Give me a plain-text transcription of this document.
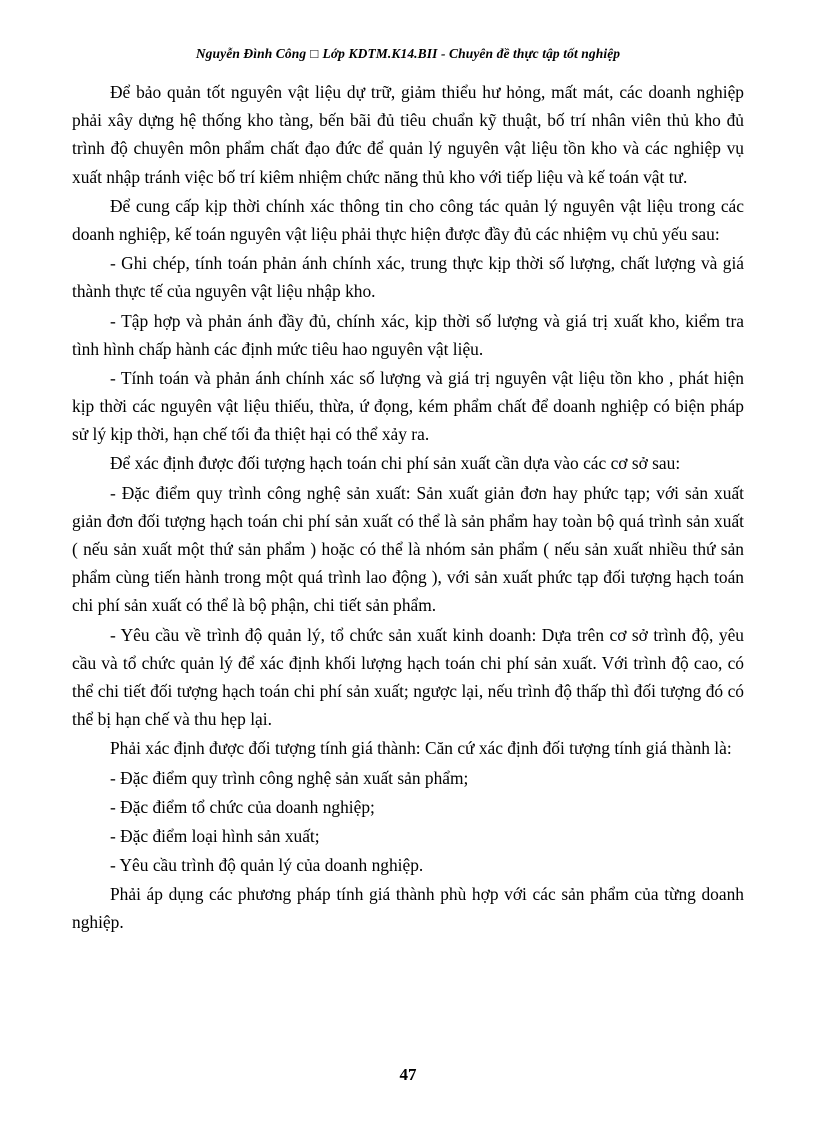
Nguyễn Đình Công □ Lớp KDTM.K14.BII - Chuyên đề thực tập tốt nghiệp

Để bảo quản tốt nguyên vật liệu dự trữ, giảm thiểu hư hỏng, mất mát, các doanh nghiệp phải xây dựng hệ thống kho tàng, bến bãi đủ tiêu chuẩn kỹ thuật, bố trí nhân viên thủ kho đủ trình độ chuyên môn phẩm chất đạo đức để quản lý nguyên vật liệu tồn kho và các nghiệp vụ xuất nhập tránh việc bố trí kiêm nhiệm chức năng thủ kho với tiếp liệu và kế toán vật tư.

Để cung cấp kịp thời chính xác thông tin cho công tác quản lý nguyên vật liệu trong các doanh nghiệp, kế toán nguyên vật liệu phải thực hiện được đầy đủ các nhiệm vụ chủ yếu sau:

- Ghi chép, tính toán phản ánh chính xác, trung thực kịp thời số lượng, chất lượng và giá thành thực tế của nguyên vật liệu nhập kho.

- Tập hợp và phản ánh đầy đủ, chính xác, kịp thời số lượng và giá trị xuất kho, kiểm tra tình hình chấp hành các định mức tiêu hao nguyên vật liệu.

- Tính toán và phản ánh chính xác số lượng và giá trị nguyên vật liệu tồn kho , phát hiện kịp thời các nguyên vật liệu thiếu, thừa, ứ đọng, kém phẩm chất để doanh nghiệp có biện pháp sử lý kịp thời, hạn chế tối đa thiệt hại có thể xảy ra.

Để xác định được đối tượng hạch toán chi phí sản xuất cần dựa vào các cơ sở sau:

- Đặc điểm quy trình công nghệ sản xuất: Sản xuất giản đơn hay phức tạp; với sản xuất giản đơn đối tượng hạch toán chi phí sản xuất có thể là sản phẩm hay toàn bộ quá trình sản xuất ( nếu sản xuất một thứ sản phẩm ) hoặc có thể là nhóm sản phẩm ( nếu sản xuất nhiều thứ sản phẩm cùng tiến hành trong một quá trình lao động ), với sản xuất phức tạp đối tượng hạch toán chi phí sản xuất có thể là bộ phận, chi tiết sản phẩm.

- Yêu cầu về trình độ quản lý, tổ chức sản xuất kinh doanh: Dựa trên cơ sở trình độ, yêu cầu và tổ chức quản lý để xác định khối lượng hạch toán chi phí sản xuất. Với trình độ cao, có thể chi tiết đối tượng hạch toán chi phí sản xuất; ngược lại, nếu trình độ thấp thì đối tượng đó có thể bị hạn chế và thu hẹp lại.

Phải xác định được đối tượng tính giá thành: Căn cứ xác định đối tượng tính giá thành là:

- Đặc điểm quy trình công nghệ sản xuất sản phẩm;

- Đặc điểm tổ chức của doanh nghiệp;

- Đặc điểm loại hình sản xuất;

- Yêu cầu trình độ quản lý của doanh nghiệp.

Phải áp dụng các phương pháp tính giá thành phù hợp với các sản phẩm của từng doanh nghiệp.

47
